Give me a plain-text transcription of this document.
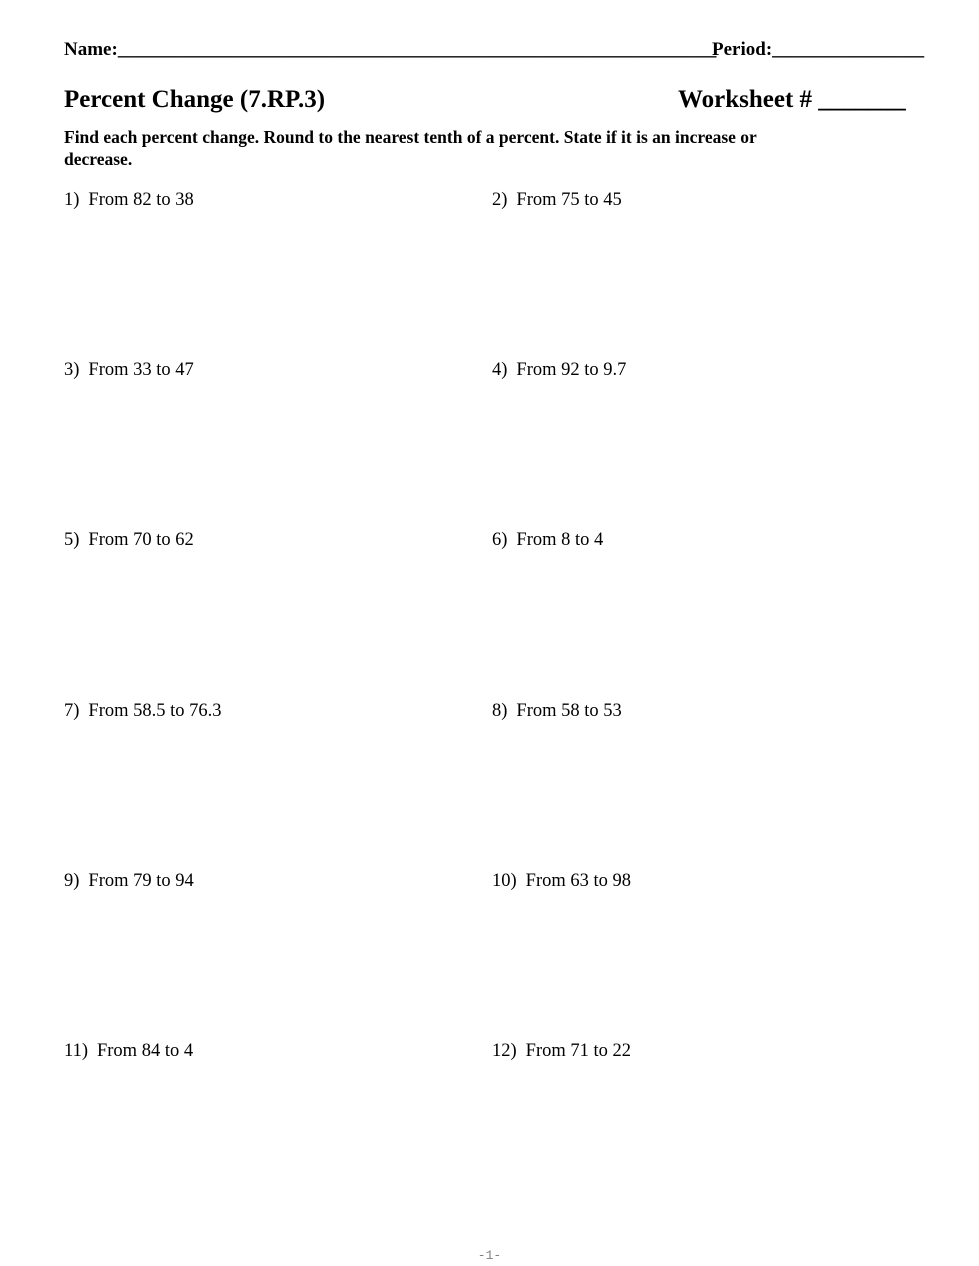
Name:_______________________________________________________________
Period:________________
Percent Change (7.RP.3)	Worksheet # _______
Find each percent change. Round to the nearest tenth of a percent. State if it is an increase or
decrease.
1) From 82 to 38	2) From 75 to 45
3) From 33 to 47	4) From 92 to 9.7
5) From 70 to 62	6) From 8 to 4
7) From 58.5 to 76.3	8) From 58 to 53
9) From 79 to 94	10) From 63 to 98
11) From 84 to 4	12) From 71 to 22
-1-
